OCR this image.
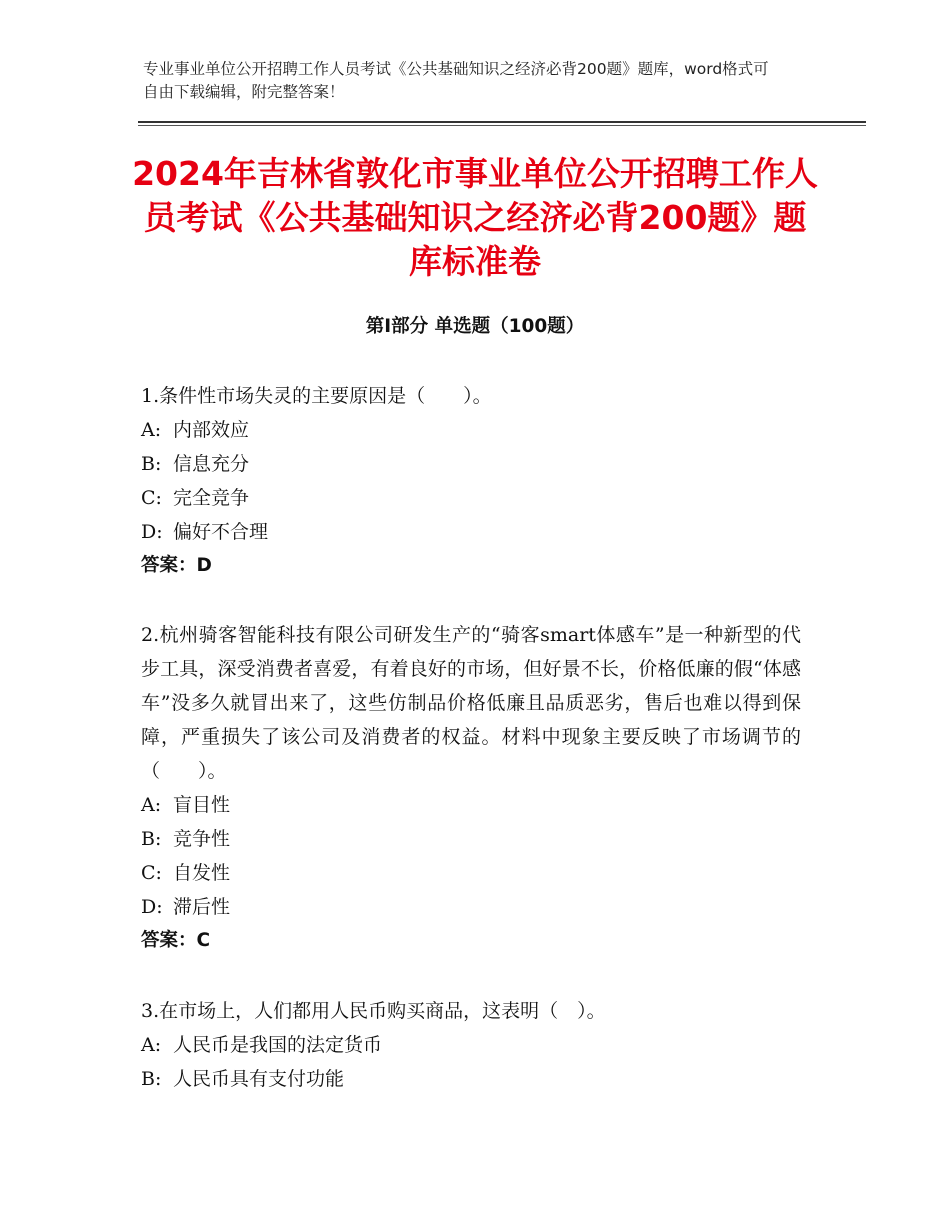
专业事业单位公开招聘工作人员考试《公共基础知识之经济必背200题》题库，word格式可自由下载编辑，附完整答案！
2024年吉林省敦化市事业单位公开招聘工作人员考试《公共基础知识之经济必背200题》题库标准卷
第Ⅰ部分 单选题（100题）

1.条件性市场失灵的主要原因是（　　）。

A: 内部效应

B: 信息充分

C: 完全竞争

D: 偏好不合理

答案：D

2.杭州骑客智能科技有限公司研发生产的“骑客smart体感车”是一种新型的代步工具，深受消费者喜爱，有着良好的市场，但好景不长，价格低廉的假“体感车”没多久就冒出来了，这些仿制品价格低廉且品质恶劣，售后也难以得到保障，严重损失了该公司及消费者的权益。材料中现象主要反映了市场调节的（　　）。

A: 盲目性

B: 竞争性

C: 自发性

D: 滞后性

答案：C

3.在市场上，人们都用人民币购买商品，这表明（　）。

A: 人民币是我国的法定货币

B: 人民币具有支付功能
